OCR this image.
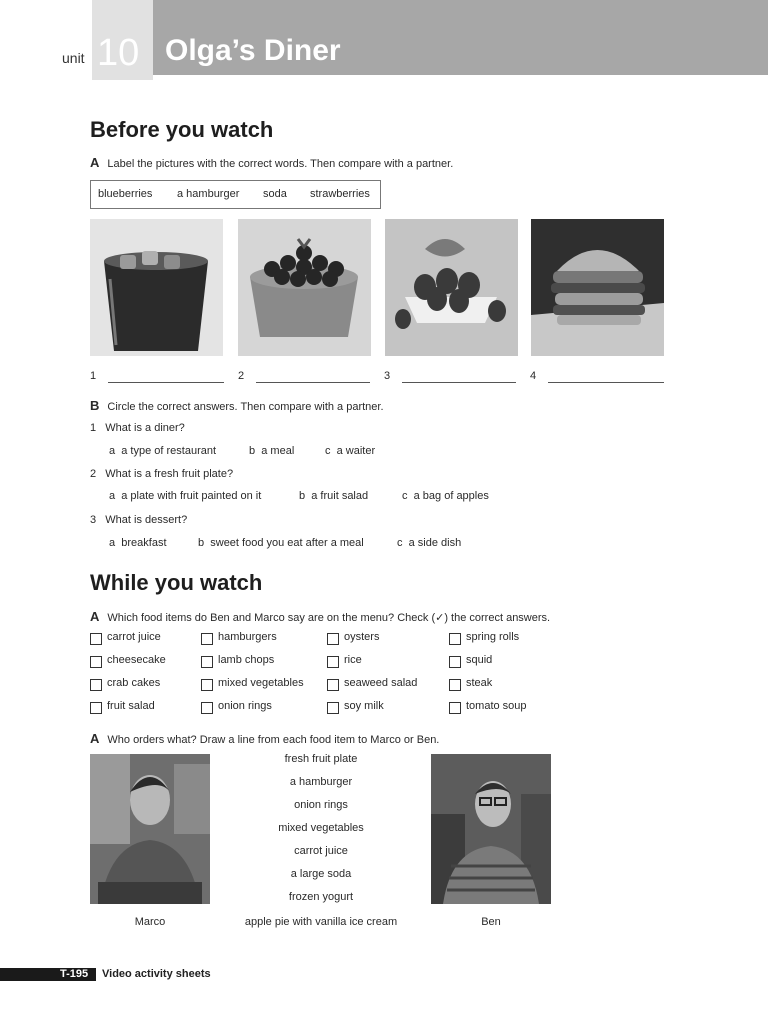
unit 10 Olga’s Diner
Before you watch
A Label the pictures with the correct words. Then compare with a partner.
blueberries a hamburger soda strawberries
1	2	3	4
B Circle the correct answers. Then compare with a partner.
1 What is a diner?
a a type of restaurant	b a meal	c a waiter
2 What is a fresh fruit plate?
a a plate with fruit painted on it	b a fruit salad	c a bag of apples
3 What is dessert?
a breakfast	b sweet food you eat after a meal	c a side dish
While you watch
A Which food items do Ben and Marco say are on the menu? Check (✓) the correct answers.
carrot juice	hamburgers	oysters	spring rolls
cheesecake	lamb chops	rice	squid
crab cakes	mixed vegetables	seaweed salad	steak
fruit salad	onion rings	soy milk	tomato soup
A Who orders what? Draw a line from each food item to Marco or Ben.
Marco	Ben
fresh fruit plate
a hamburger
onion rings
mixed vegetables
carrot juice
a large soda
frozen yogurt
apple pie with vanilla ice cream
T-195 Video activity sheets
